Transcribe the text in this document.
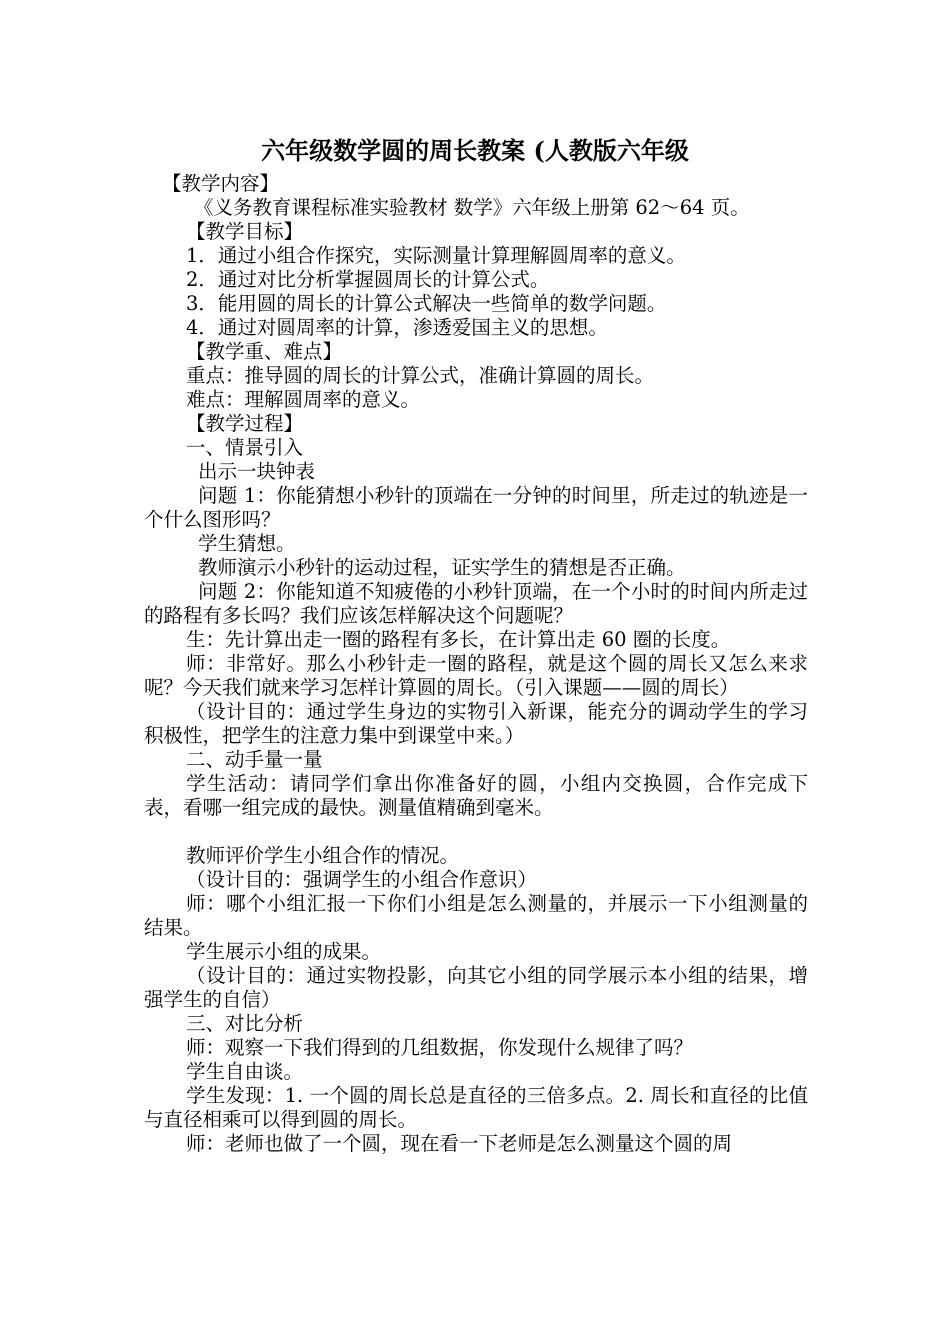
六年级数学圆的周长教案 (人教版六年级

【教学内容】

《义务教育课程标准实验教材 数学》六年级上册第 62～64 页。

【教学目标】

1．通过小组合作探究，实际测量计算理解圆周率的意义。

2．通过对比分析掌握圆周长的计算公式。

3．能用圆的周长的计算公式解决一些简单的数学问题。

4．通过对圆周率的计算，渗透爱国主义的思想。

【教学重、难点】

重点：推导圆的周长的计算公式，准确计算圆的周长。

难点：理解圆周率的意义。

【教学过程】

一、情景引入

出示一块钟表

问题 1：你能猜想小秒针的顶端在一分钟的时间里，所走过的轨迹是一个什么图形吗？

学生猜想。

教师演示小秒针的运动过程，证实学生的猜想是否正确。

问题 2：你能知道不知疲倦的小秒针顶端，在一个小时的时间内所走过的路程有多长吗？我们应该怎样解决这个问题呢？

生：先计算出走一圈的路程有多长，在计算出走 60 圈的长度。

师：非常好。那么小秒针走一圈的路程，就是这个圆的周长又怎么来求呢？今天我们就来学习怎样计算圆的周长。（引入课题——圆的周长）

（设计目的：通过学生身边的实物引入新课，能充分的调动学生的学习积极性，把学生的注意力集中到课堂中来。）

二、动手量一量

学生活动：请同学们拿出你准备好的圆，小组内交换圆，合作完成下表，看哪一组完成的最快。测量值精确到毫米。

教师评价学生小组合作的情况。

（设计目的：强调学生的小组合作意识）

师：哪个小组汇报一下你们小组是怎么测量的，并展示一下小组测量的结果。

学生展示小组的成果。

（设计目的：通过实物投影，向其它小组的同学展示本小组的结果，增强学生的自信）

三、对比分析

师：观察一下我们得到的几组数据，你发现什么规律了吗？

学生自由谈。

学生发现：1. 一个圆的周长总是直径的三倍多点。2. 周长和直径的比值与直径相乘可以得到圆的周长。

师：老师也做了一个圆，现在看一下老师是怎么测量这个圆的周
